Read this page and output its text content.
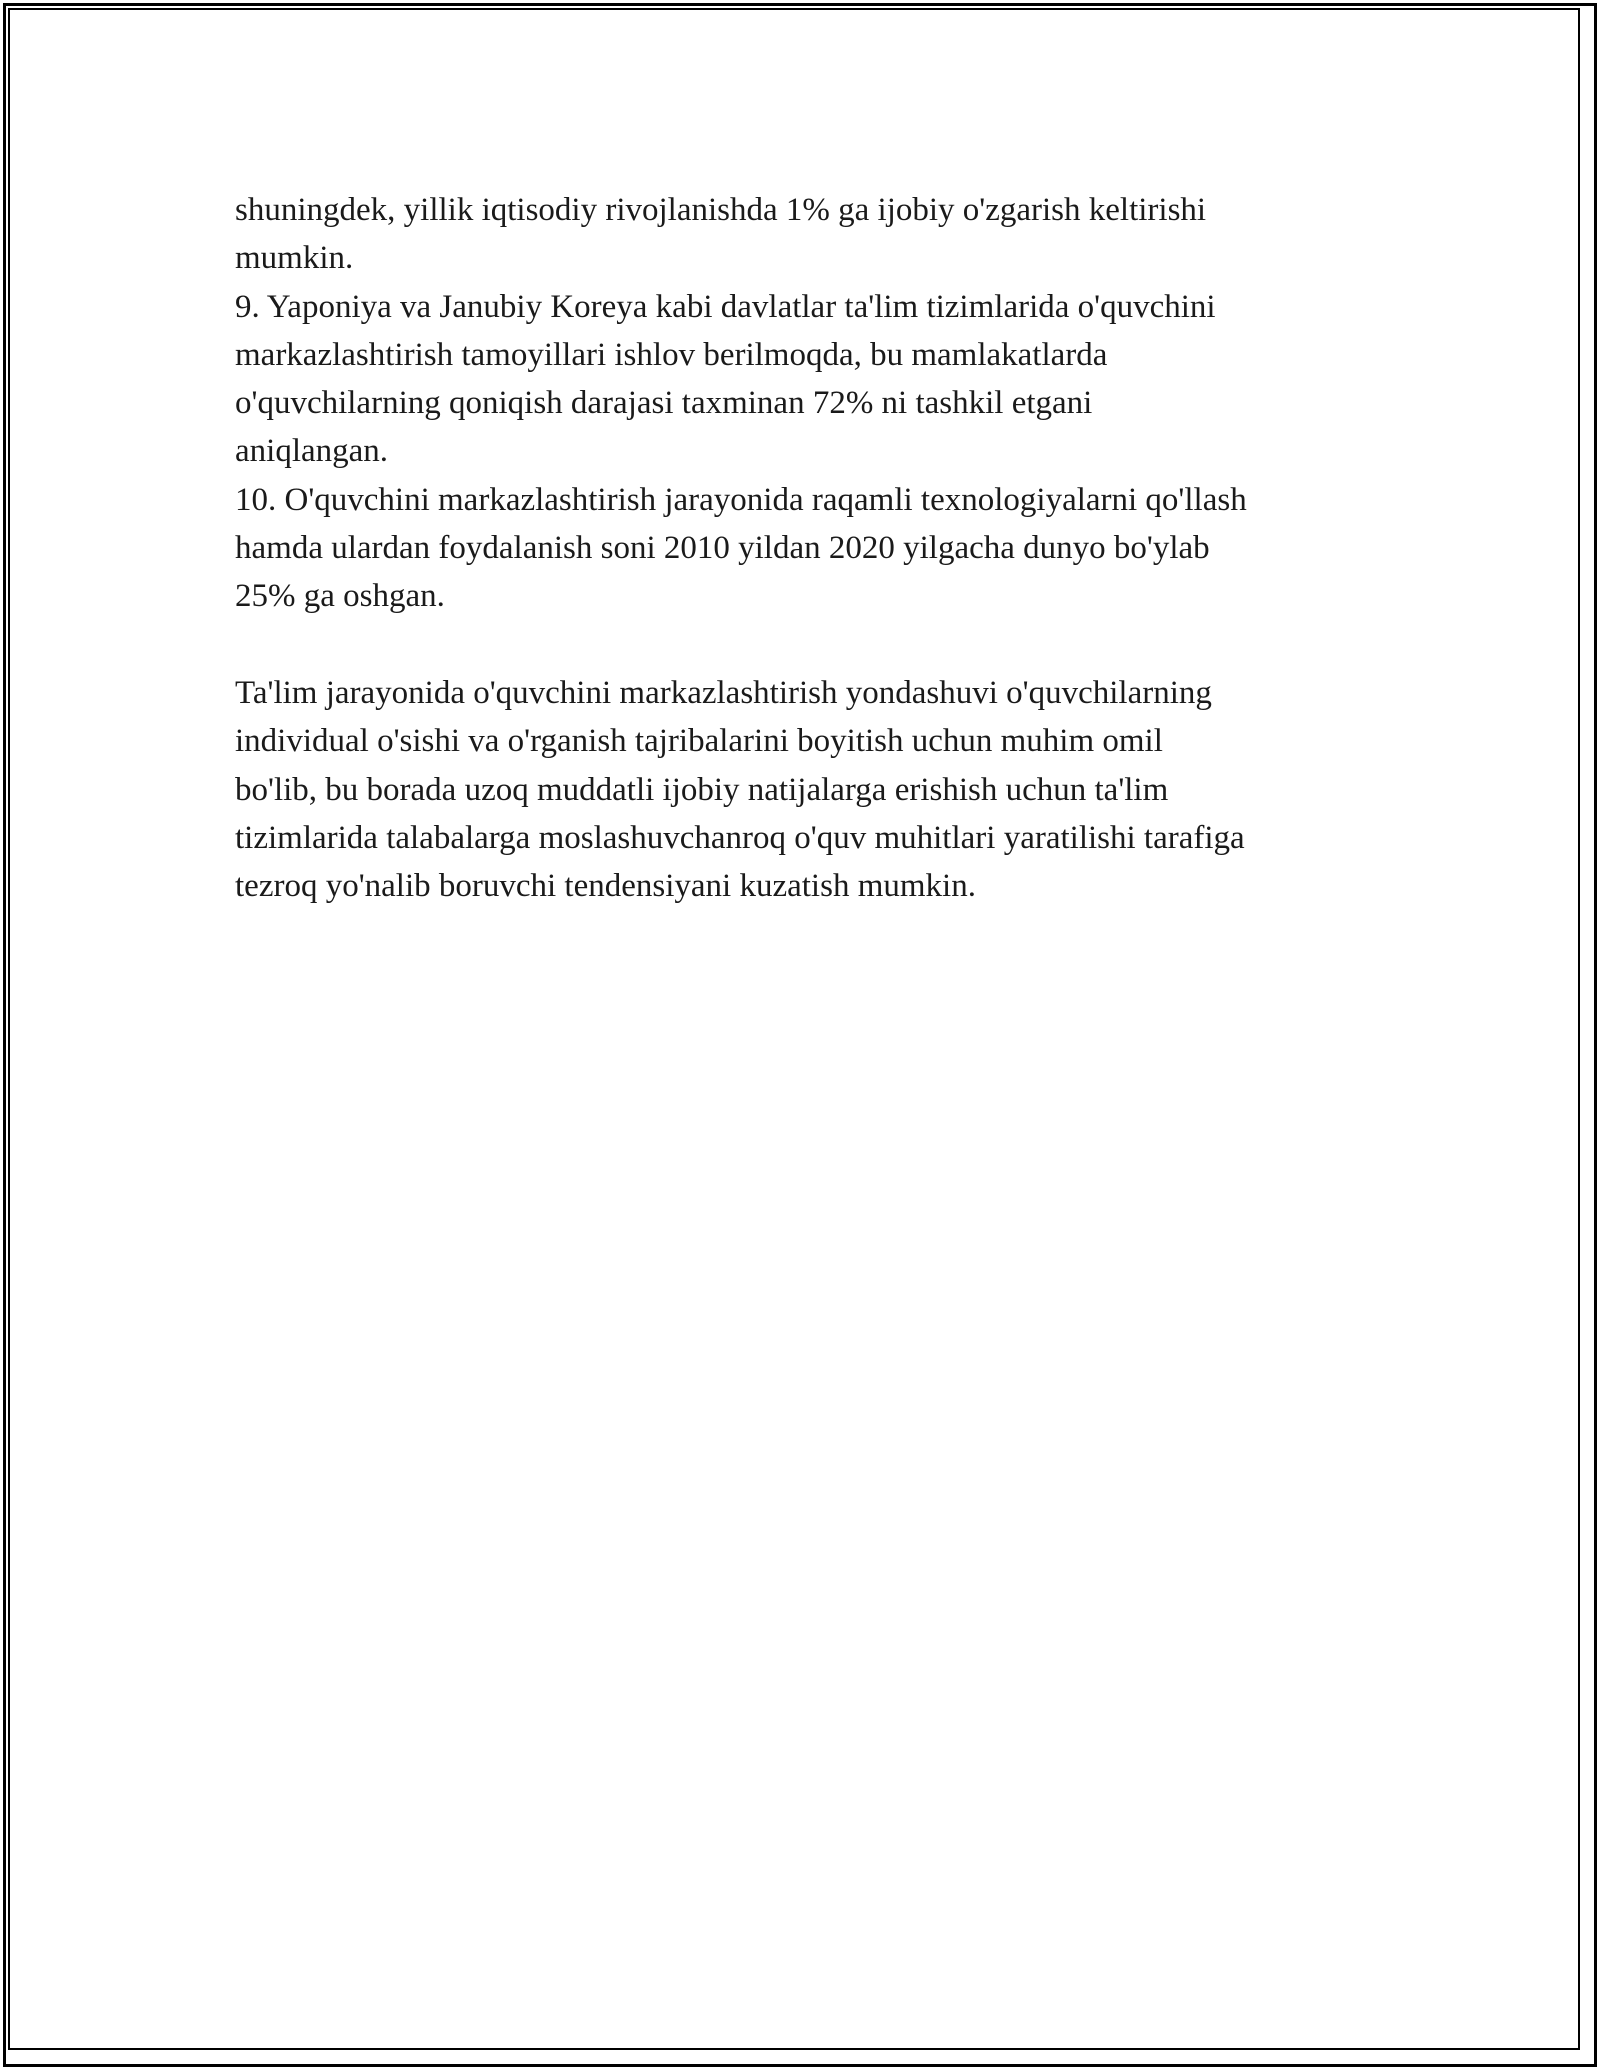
shuningdek, yillik iqtisodiy rivojlanishda 1% ga ijobiy o'zgarish keltirishi
mumkin.

9. Yaponiya va Janubiy Koreya kabi davlatlar ta'lim tizimlarida o'quvchini
markazlashtirish tamoyillari ishlov berilmoqda, bu mamlakatlarda
o'quvchilarning qoniqish darajasi taxminan 72% ni tashkil etgani
aniqlangan.

10. O'quvchini markazlashtirish jarayonida raqamli texnologiyalarni qo'llash
hamda ulardan foydalanish soni 2010 yildan 2020 yilgacha dunyo bo'ylab
25% ga oshgan.

Ta'lim jarayonida o'quvchini markazlashtirish yondashuvi o'quvchilarning
individual o'sishi va o'rganish tajribalarini boyitish uchun muhim omil
bo'lib, bu borada uzoq muddatli ijobiy natijalarga erishish uchun ta'lim
tizimlarida talabalarga moslashuvchanroq o'quv muhitlari yaratilishi tarafiga
tezroq yo'nalib boruvchi tendensiyani kuzatish mumkin.
